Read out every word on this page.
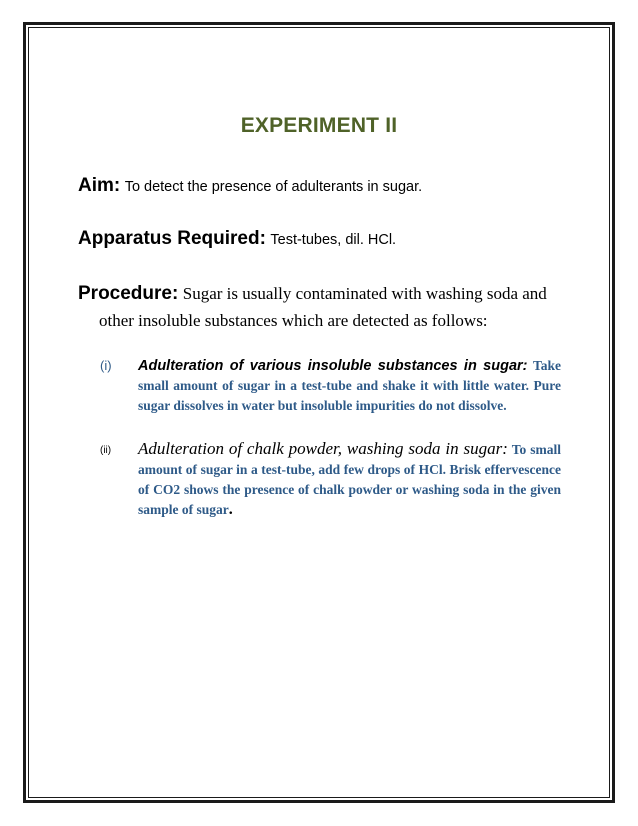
EXPERIMENT II
Aim: To detect the presence of adulterants in sugar.
Apparatus Required: Test-tubes, dil. HCl.
Procedure: Sugar is usually contaminated with washing soda and
other insoluble substances which are detected as follows:
(i) Adulteration of various insoluble substances in sugar: Take small amount of sugar in a test-tube and shake it with little water. Pure sugar dissolves in water but insoluble impurities do not dissolve.
(ii) Adulteration of chalk powder, washing soda in sugar: To small amount of sugar in a test-tube, add few drops of HCl. Brisk effervescence of CO2 shows the presence of chalk powder or washing soda in the given sample of sugar.
